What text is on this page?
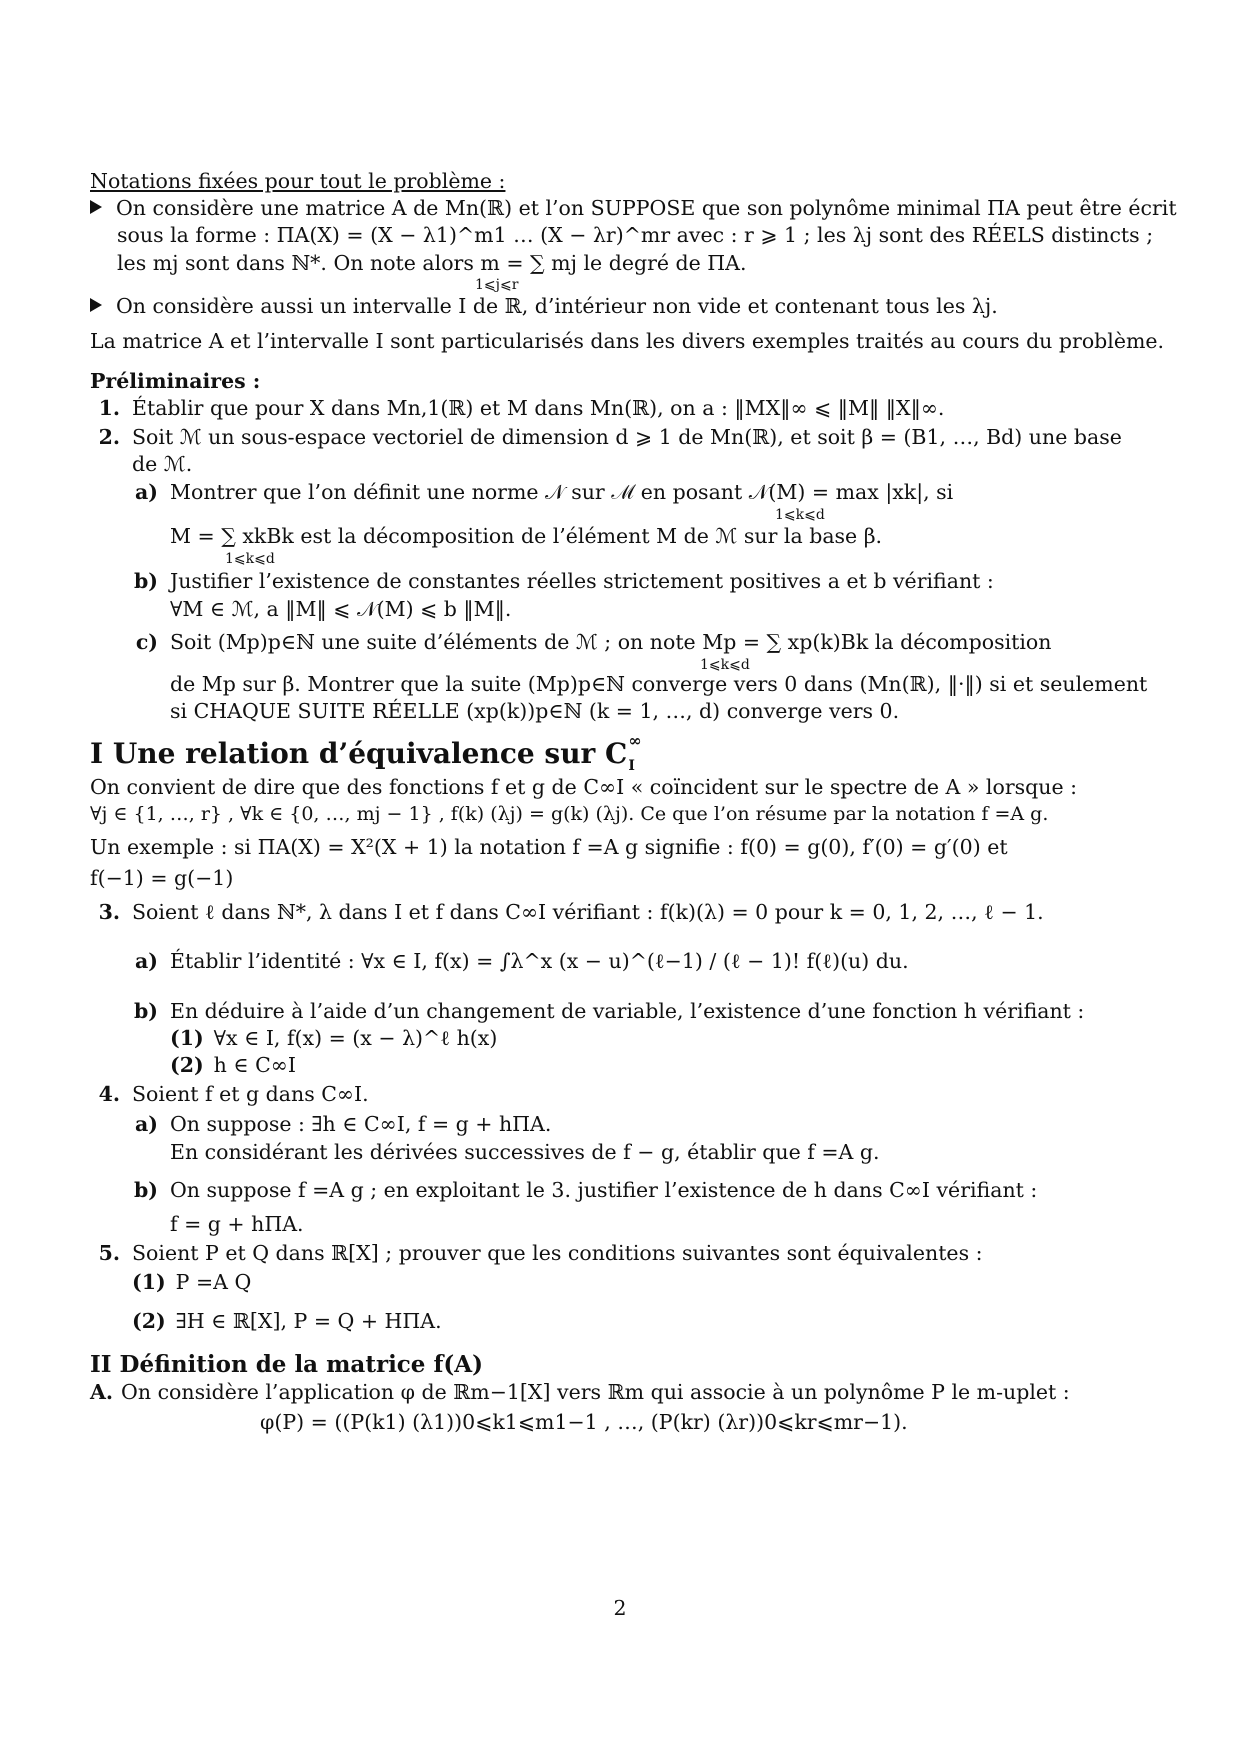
Notations fixées pour tout le problème :
On considère une matrice A de Mn(ℝ) et l’on SUPPOSE que son polynôme minimal ΠA peut être écrit
sous la forme : ΠA(X) = (X − λ1)^m1 … (X − λr)^mr avec : r ⩾ 1 ; les λj sont des RÉELS distincts ;
les mj sont dans ℕ*. On note alors m = ∑ mj le degré de ΠA.
1⩽j⩽r
On considère aussi un intervalle I de ℝ, d’intérieur non vide et contenant tous les λj.
La matrice A et l’intervalle I sont particularisés dans les divers exemples traités au cours du problème.
Préliminaires :
1. Établir que pour X dans Mn,1(ℝ) et M dans Mn(ℝ), on a : ‖MX‖∞ ⩽ ‖M‖ ‖X‖∞.
2. Soit ℳ un sous-espace vectoriel de dimension d ⩾ 1 de Mn(ℝ), et soit β = (B1, …, Bd) une base
de ℳ.
a) Montrer que l’on définit une norme 𝒩 sur ℳ en posant 𝒩(M) = max |xk|, si
1⩽k⩽d
M = ∑ xkBk est la décomposition de l’élément M de ℳ sur la base β.
1⩽k⩽d
b) Justifier l’existence de constantes réelles strictement positives a et b vérifiant :
∀M ∈ ℳ, a ‖M‖ ⩽ 𝒩(M) ⩽ b ‖M‖.
c) Soit (Mp)p∈ℕ une suite d’éléments de ℳ ; on note Mp = ∑ xp(k)Bk la décomposition
1⩽k⩽d
de Mp sur β. Montrer que la suite (Mp)p∈ℕ converge vers 0 dans (Mn(ℝ), ‖·‖) si et seulement
si CHAQUE SUITE RÉELLE (xp(k))p∈ℕ (k = 1, …, d) converge vers 0.
I Une relation d’équivalence sur C ∞
I
On convient de dire que des fonctions f et g de C∞I « coïncident sur le spectre de A » lorsque :
∀j ∈ {1, …, r} , ∀k ∈ {0, …, mj − 1} , f(k) (λj) = g(k) (λj). Ce que l’on résume par la notation f =A g.
Un exemple : si ΠA(X) = X²(X + 1) la notation f =A g signifie : f(0) = g(0), f′(0) = g′(0) et
f(−1) = g(−1)
3. Soient ℓ dans ℕ*, λ dans I et f dans C∞I vérifiant : f(k)(λ) = 0 pour k = 0, 1, 2, …, ℓ − 1.
a) Établir l’identité : ∀x ∈ I, f(x) = ∫λ^x (x − u)^(ℓ−1) / (ℓ − 1)! f(ℓ)(u) du.
b) En déduire à l’aide d’un changement de variable, l’existence d’une fonction h vérifiant :
(1) ∀x ∈ I, f(x) = (x − λ)^ℓ h(x)
(2) h ∈ C∞I
4. Soient f et g dans C∞I.
a) On suppose : ∃h ∈ C∞I, f = g + hΠA.
En considérant les dérivées successives de f − g, établir que f =A g.
b) On suppose f =A g ; en exploitant le 3. justifier l’existence de h dans C∞I vérifiant :
f = g + hΠA.
5. Soient P et Q dans ℝ[X] ; prouver que les conditions suivantes sont équivalentes :
(1) P =A Q
(2) ∃H ∈ ℝ[X], P = Q + HΠA.
II Définition de la matrice f(A)
A. On considère l’application φ de ℝm−1[X] vers ℝm qui associe à un polynôme P le m-uplet :
φ(P) = ((P(k1) (λ1))0⩽k1⩽m1−1 , …, (P(kr) (λr))0⩽kr⩽mr−1).
2
